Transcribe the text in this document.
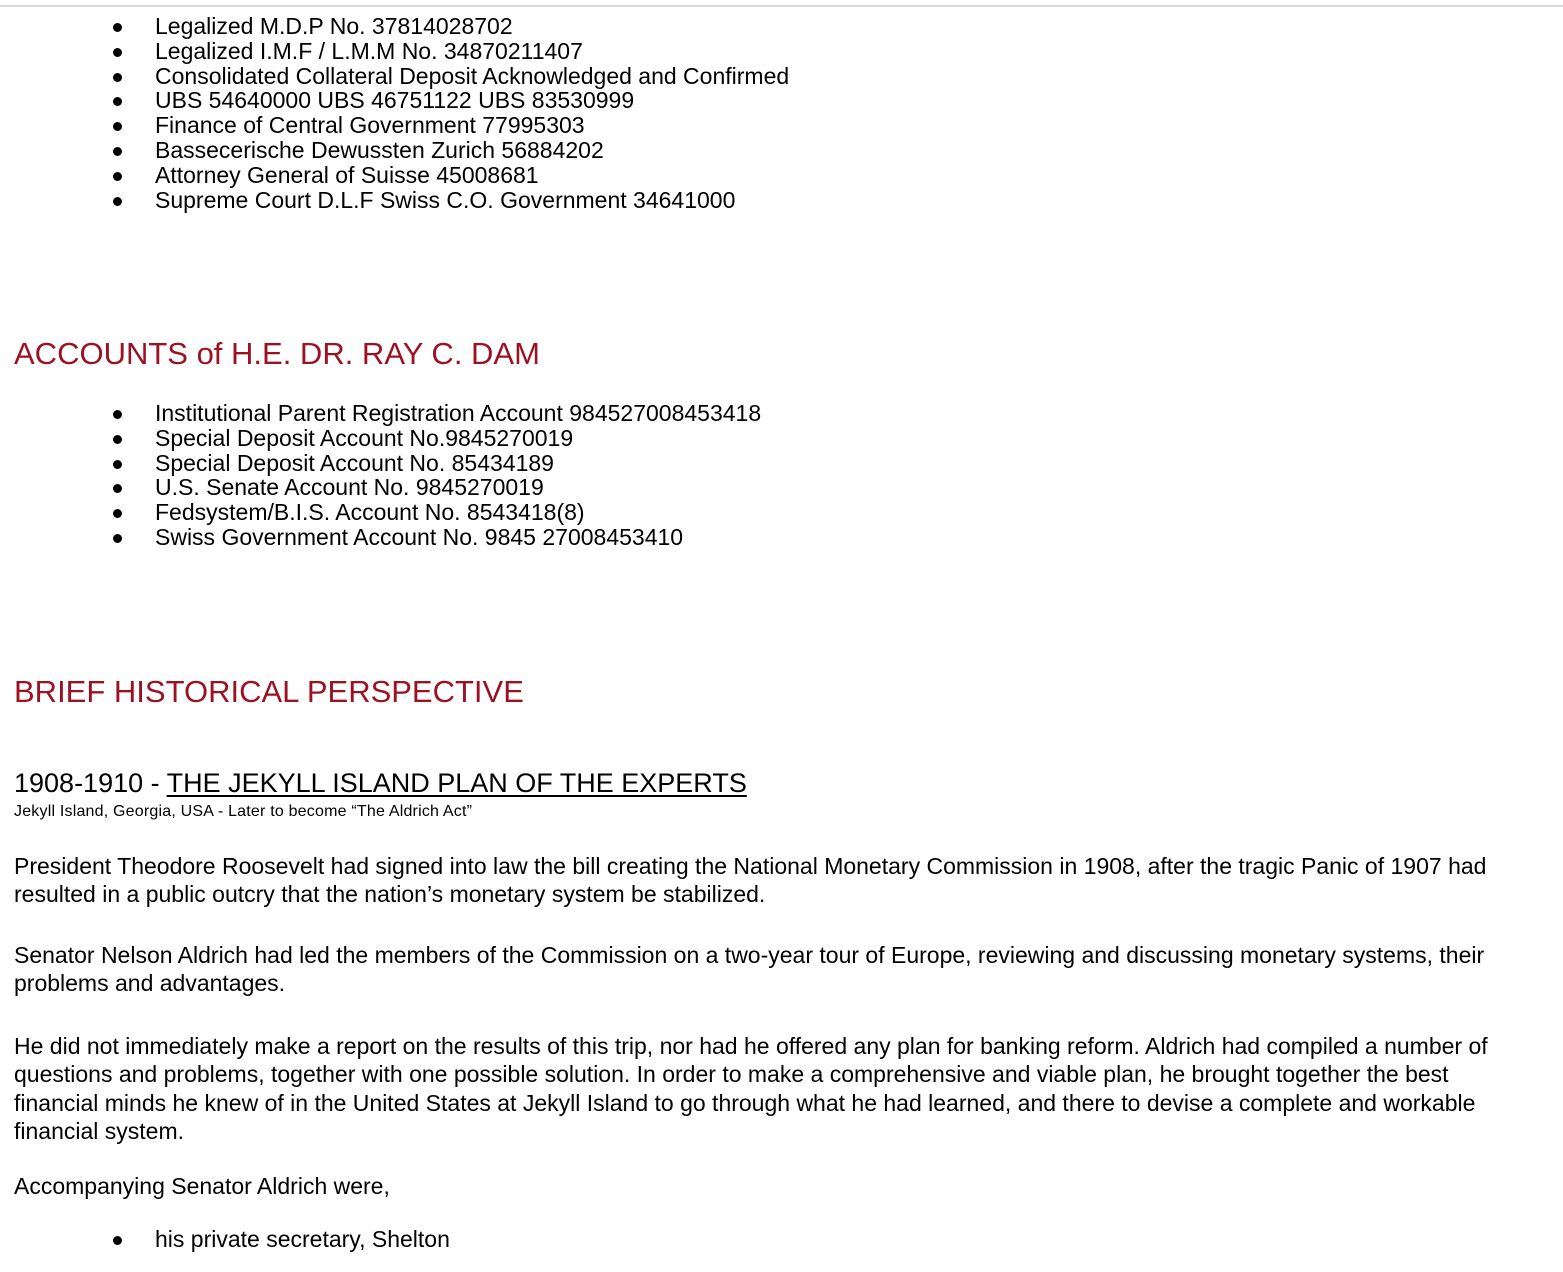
Legalized M.D.P No. 37814028702
Legalized I.M.F / L.M.M No. 34870211407
Consolidated Collateral Deposit Acknowledged and Confirmed
UBS 54640000 UBS 46751122 UBS 83530999
Finance of Central Government 77995303
Bassecerische Dewussten Zurich 56884202
Attorney General of Suisse 45008681
Supreme Court D.L.F Swiss C.O. Government 34641000
ACCOUNTS of H.E. DR. RAY C. DAM
Institutional Parent Registration Account 984527008453418
Special Deposit Account No.9845270019
Special Deposit Account No. 85434189
U.S. Senate Account No. 9845270019
Fedsystem/B.I.S. Account No. 8543418(8)
Swiss Government Account No. 9845 27008453410
BRIEF HISTORICAL PERSPECTIVE
1908-1910 - THE JEKYLL ISLAND PLAN OF THE EXPERTS
Jekyll Island, Georgia, USA - Later to become “The Aldrich Act”

President Theodore Roosevelt had signed into law the bill creating the National Monetary Commission in 1908, after the tragic Panic of 1907 had resulted in a public outcry that the nation’s monetary system be stabilized.

Senator Nelson Aldrich had led the members of the Commission on a two-year tour of Europe, reviewing and discussing monetary systems, their problems and advantages.

He did not immediately make a report on the results of this trip, nor had he offered any plan for banking reform. Aldrich had compiled a number of questions and problems, together with one possible solution. In order to make a comprehensive and viable plan, he brought together the best financial minds he knew of in the United States at Jekyll Island to go through what he had learned, and there to devise a complete and workable financial system.

Accompanying Senator Aldrich were,

his private secretary, Shelton
